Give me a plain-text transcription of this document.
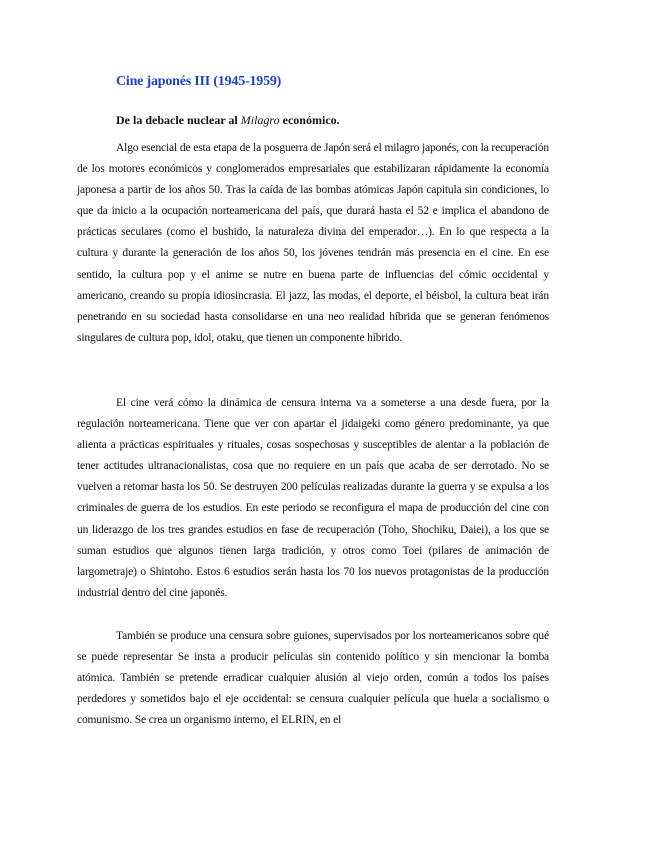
Cine japonés III (1945-1959)
De la debacle nuclear al Milagro económico.

Algo esencial de esta etapa de la posguerra de Japón será el milagro japonés, con la recuperación de los motores económicos y conglomerados empresariales que estabilizaran rápidamente la economía japonesa a partir de los años 50. Tras la caída de las bombas atómicas Japón capitula sin condiciones, lo que da inicio a la ocupación norteamericana del país, que durará hasta el 52 e implica el abandono de prácticas seculares (como el bushido, la naturaleza divina del emperador…). En lo que respecta a la cultura y durante la generación de los años 50, los jóvenes tendrán más presencia en el cine. En ese sentido, la cultura pop y el anime se nutre en buena parte de influencias del cómic occidental y americano, creando su propia idiosincrasia. El jazz, las modas, el deporte, el béisbol, la cultura beat irán penetrando en su sociedad hasta consolidarse en una neo realidad híbrida que se generan fenómenos singulares de cultura pop, idol, otaku, que tienen un componente híbrido.

El cine verá cómo la dinámica de censura interna va a someterse a una desde fuera, por la regulación norteamericana. Tiene que ver con apartar el jidaigeki como género predominante, ya que alienta a prácticas espirituales y rituales, cosas sospechosas y susceptibles de alentar a la población de tener actitudes ultranacionalistas, cosa que no requiere en un país que acaba de ser derrotado. No se vuelven a retomar hasta los 50. Se destruyen 200 películas realizadas durante la guerra y se expulsa a los criminales de guerra de los estudios. En este periodo se reconfigura el mapa de producción del cine con un liderazgo de los tres grandes estudios en fase de recuperación (Toho, Shochiku, Daiei), a los que se suman estudios que algunos tienen larga tradición, y otros como Toei (pilares de animación de largometraje) o Shintoho. Estos 6 estudios serán hasta los 70 los nuevos protagonistas de la producción industrial dentro del cine japonés.

También se produce una censura sobre guiones, supervisados por los norteamericanos sobre qué se puede representar Se insta a producir películas sin contenido político y sin mencionar la bomba atómica. También se pretende erradicar cualquier alusión al viejo orden, común a todos los países perdedores y sometidos bajo el eje occidental: se censura cualquier película que huela a socialismo o comunismo. Se crea un organismo interno, el ELRIN, en el
